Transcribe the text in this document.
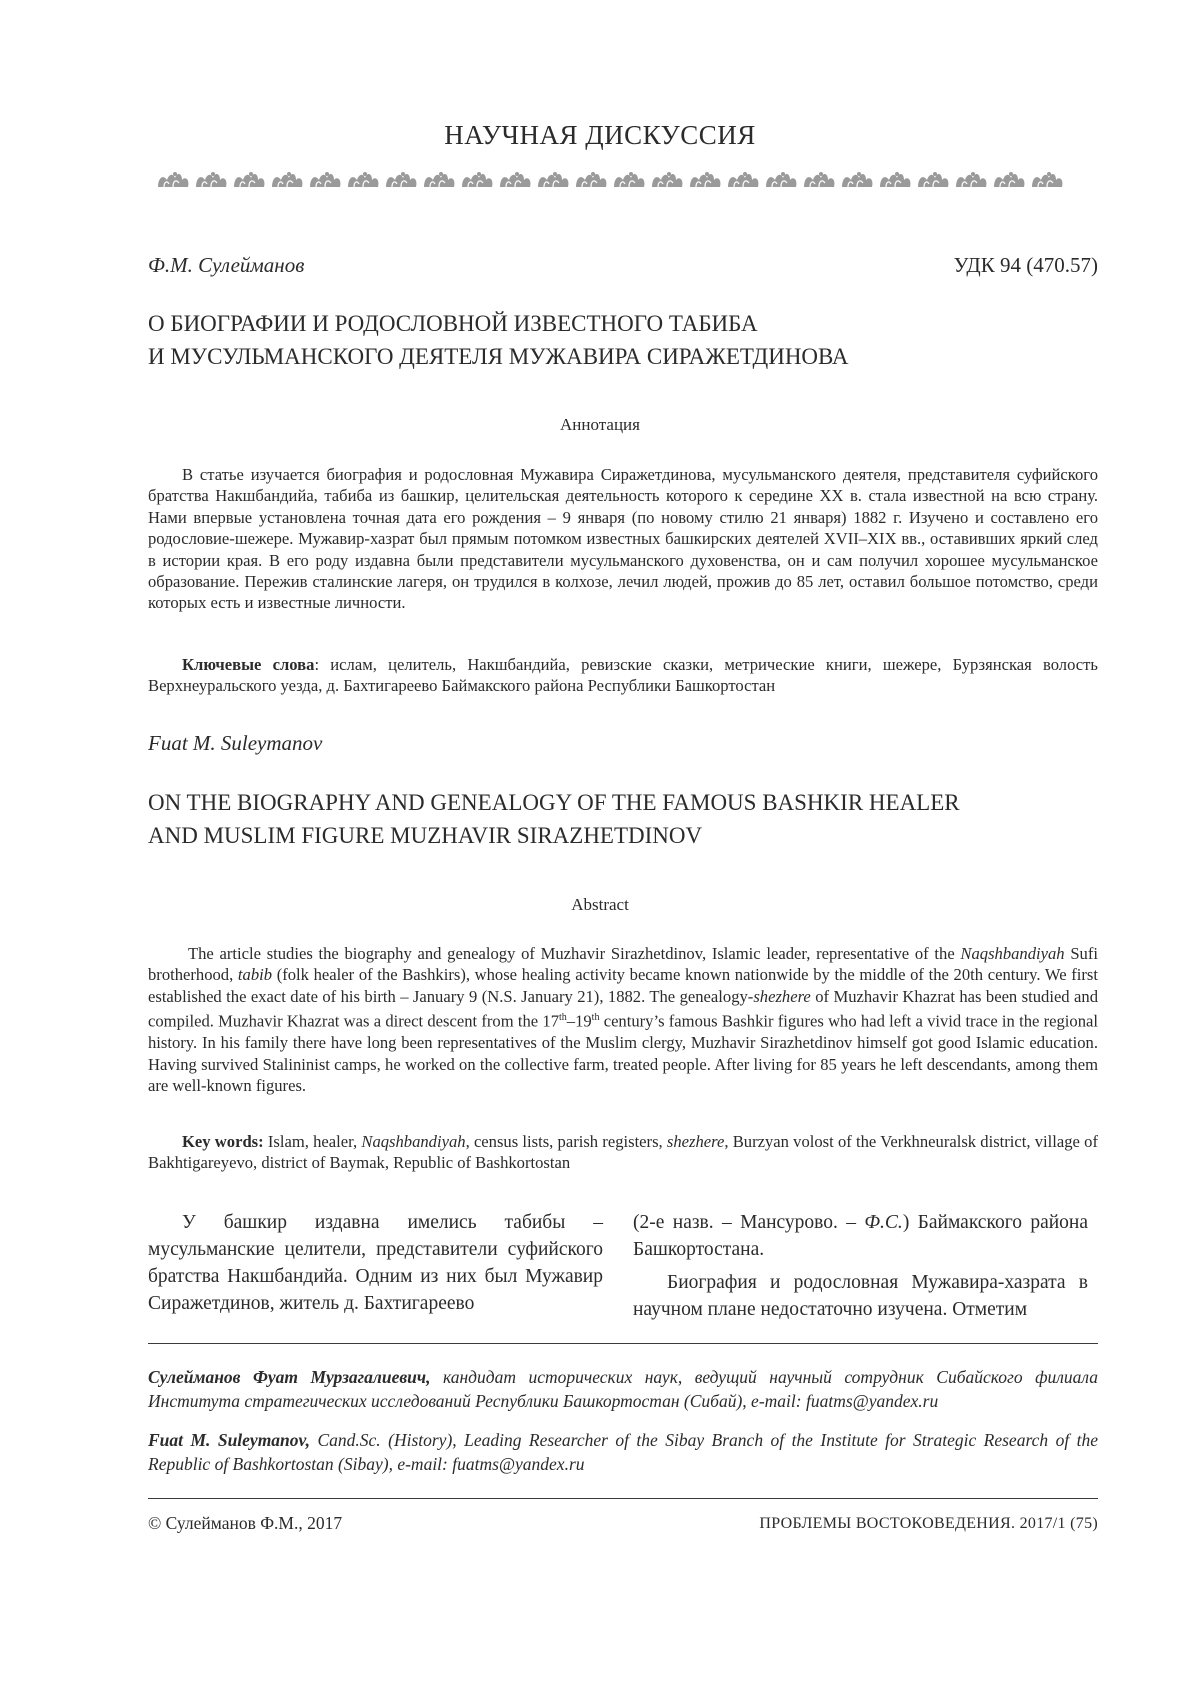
НАУЧНАЯ ДИСКУССИЯ
Ф.М. Сулейманов	УДК 94 (470.57)
О БИОГРАФИИ И РОДОСЛОВНОЙ ИЗВЕСТНОГО ТАБИБА
И МУСУЛЬМАНСКОГО ДЕЯТЕЛЯ МУЖАВИРА СИРАЖЕТДИНОВА
Аннотация

В статье изучается биография и родословная Мужавира Сиражетдинова, мусульманского деятеля, представителя суфийского братства Накшбандийа, табиба из башкир, целительская деятельность которого к середине XX в. стала известной на всю страну. Нами впервые установлена точная дата его рождения – 9 января (по новому стилю 21 января) 1882 г. Изучено и составлено его родословие-шежере. Мужавир-хазрат был прямым потомком известных башкирских деятелей XVII–XIX вв., оставивших яркий след в истории края. В его роду издавна были представители мусульманского духовенства, он и сам получил хорошее мусульманское образование. Пережив сталинские лагеря, он трудился в колхозе, лечил людей, прожив до 85 лет, оставил большое потомство, среди которых есть и известные личности.

Ключевые слова: ислам, целитель, Накшбандийа, ревизские сказки, метрические книги, шежере, Бурзянская волость Верхнеуральского уезда, д. Бахтигареево Баймакского района Республики Башкортостан

Fuat M. Suleymanov
ON THE BIOGRAPHY AND GENEALOGY OF THE FAMOUS BASHKIR HEALER
AND MUSLIM FIGURE MUZHAVIR SIRAZHETDINOV
Abstract

The article studies the biography and genealogy of Muzhavir Sirazhetdinov, Islamic leader, representative of the Naqshbandiyah Sufi brotherhood, tabib (folk healer of the Bashkirs), whose healing activity became known nationwide by the middle of the 20th century. We first established the exact date of his birth – January 9 (N.S. January 21), 1882. The genealogy-shezhere of Muzhavir Khazrat has been studied and compiled. Muzhavir Khazrat was a direct descent from the 17th–19th century’s famous Bashkir figures who had left a vivid trace in the regional history. In his family there have long been representatives of the Muslim clergy, Muzhavir Sirazhetdinov himself got good Islamic education. Having survived Stalininist camps, he worked on the collective farm, treated people. After living for 85 years he left descendants, among them are well-known figures.

Key words: Islam, healer, Naqshbandiyah, census lists, parish registers, shezhere, Burzyan volost of the Verkhneuralsk district, village of Bakhtigareyevo, district of Baymak, Republic of Bashkortostan

У башкир издавна имелись табибы – мусульманские целители, представители суфийского братства Накшбандийа. Одним из них был Мужавир Сиражетдинов, житель д. Бахтигареево

(2-е назв. – Мансурово. – Ф.С.) Баймакского района Башкортостана.

Биография и родословная Мужавира-хазрата в научном плане недостаточно изучена. Отметим

Сулейманов Фуат Мурзагалиевич, кандидат исторических наук, ведущий научный сотрудник Сибайского филиала Института стратегических исследований Республики Башкортостан (Сибай), e-mail: fuatms@yandex.ru

Fuat M. Suleymanov, Cand.Sc. (History), Leading Researcher of the Sibay Branch of the Institute for Strategic Research of the Republic of Bashkortostan (Sibay), e-mail: fuatms@yandex.ru

© Сулейманов Ф.М., 2017	ПРОБЛЕМЫ ВОСТОКОВЕДЕНИЯ. 2017/1 (75)
